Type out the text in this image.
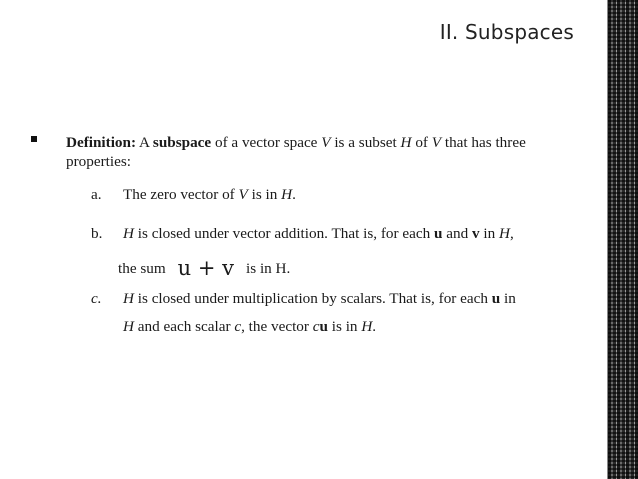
II. Subspaces
Definition: A subspace of a vector space V is a subset H of V that has three properties:
a. The zero vector of V is in H.
b. H is closed under vector addition. That is, for each u and v in H,
the sum u + v is in H.
c. H is closed under multiplication by scalars. That is, for each u in
H and each scalar c, the vector cu is in H.
